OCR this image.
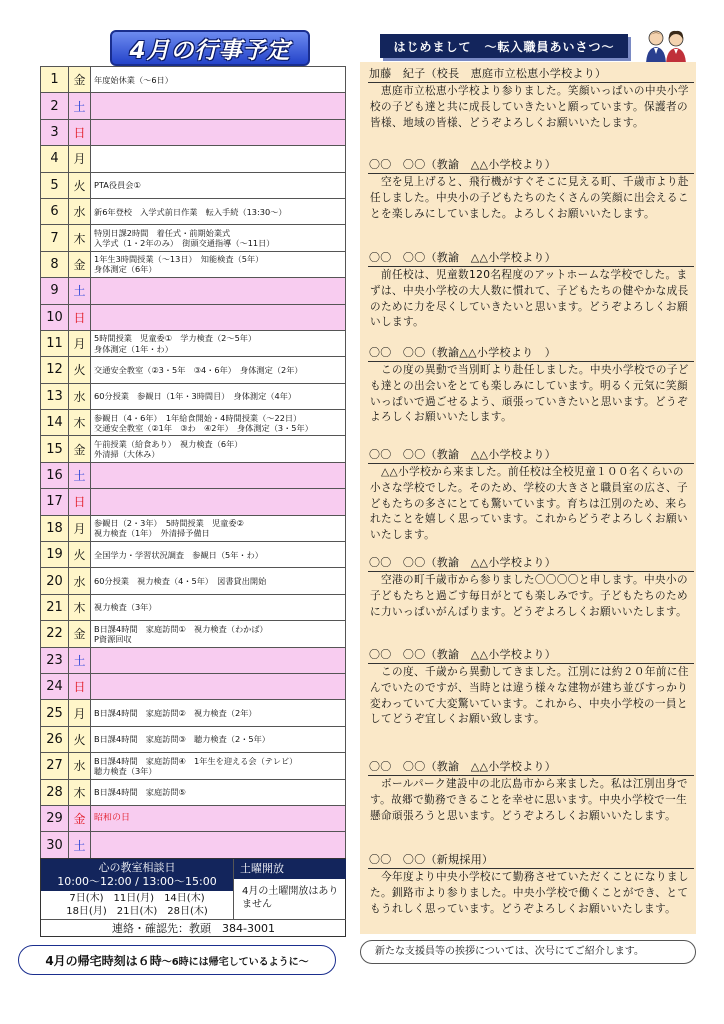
4月の行事予定
1	金	年度始休業（～6日）

2	土	
3	日	
4	月	
5	火	PTA役員会①

6	水	新6年登校　入学式前日作業　転入手続（13:30～）

7	木	特別日課2時間　着任式・前期始業式
入学式（1・2年のみ）　街頭交通指導（～11日）

8	金	1年生3時間授業（～13日）　知能検査（5年）
身体測定（6年）

9	土	
10	日	
11	月	5時間授業　児童委①　学力検査（2～5年）
身体測定（1年・わ）

12	火	交通安全教室（②3・5年　③4・6年）　身体測定（2年）

13	水	60分授業　参観日（1年・3時間目）　身体測定（4年）

14	木	参観日（4・6年）　1年給食開始・4時間授業（～22日）
交通安全教室（②1年　③わ　④2年）　身体測定（3・5年）

15	金	午前授業（給食あり）　視力検査（6年）
外清掃（大休み）

16	土	
17	日	
18	月	参観日（2・3年）　5時間授業　児童委②
視力検査（1年）　外清掃予備日

19	火	全国学力・学習状況調査　参観日（5年・わ）

20	水	60分授業　視力検査（4・5年）　図書貸出開始

21	木	視力検査（3年）

22	金	B日課4時間　家庭訪問①　視力検査（わかば）
P資源回収

23	土	
24	日	
25	月	B日課4時間　家庭訪問②　視力検査（2年）

26	火	B日課4時間　家庭訪問③　聴力検査（2・5年）

27	水	B日課4時間　家庭訪問④　1年生を迎える会（テレビ）
聴力検査（3年）

28	木	B日課4時間　家庭訪問⑤

29	金	昭和の日

30	土	
心の教室相談日
10:00～12:00 / 13:00～15:00
7日(木)　11日(月)　14日(木)
18日(月)　21日(木)　28日(木)
土曜開放
4月の土曜開放はありません
連絡・確認先：教頭　384-3001
4月の帰宅時刻は ６時 ～6時には帰宅しているように～
はじめまして　～転入職員あいさつ～
加藤　紀子（校長　恵庭市立松恵小学校より）
　恵庭市立松恵小学校より参りました。笑顔いっぱいの中央小学校の子ども達と共に成長していきたいと願っています。保護者の皆様、地域の皆様、どうぞよろしくお願いいたします。
〇〇　〇〇（教諭　△△小学校より）
　空を見上げると、飛行機がすぐそこに見える町、千歳市より赴任しました。中央小の子どもたちのたくさんの笑顔に出会えることを楽しみにしていました。よろしくお願いいたします。
〇〇　〇〇（教諭　△△小学校より）
　前任校は、児童数120名程度のアットホームな学校でした。まずは、中央小学校の大人数に慣れて、子どもたちの健やかな成長のために力を尽くしていきたいと思います。どうぞよろしくお願いします。
〇〇　〇〇（教諭△△小学校より　）
　この度の異動で当別町より赴任しました。中央小学校での子ども達との出会いをとても楽しみにしています。明るく元気に笑顔いっぱいで過ごせるよう、頑張っていきたいと思います。どうぞよろしくお願いいたします。
〇〇　〇〇（教諭　△△小学校より）
　△△小学校から来ました。前任校は全校児童１００名くらいの小さな学校でした。そのため、学校の大きさと職員室の広さ、子どもたちの多さにとても驚いています。育ちは江別のため、来られたことを嬉しく思っています。これからどうぞよろしくお願いいたします。
〇〇　〇〇（教諭　△△小学校より）
　空港の町千歳市から参りました〇〇〇〇と申します。中央小の子どもたちと過ごす毎日がとても楽しみです。子どもたちのために力いっぱいがんばります。どうぞよろしくお願いいたします。
〇〇　〇〇（教諭　△△小学校より）
　この度、千歳から異動してきました。江別には約２０年前に住んでいたのですが、当時とは違う様々な建物が建ち並びすっかり変わっていて大変驚いています。これから、中央小学校の一員としてどうぞ宜しくお願い致します。
〇〇　〇〇（教諭　△△小学校より）
　ボールパーク建設中の北広島市から来ました。私は江別出身です。故郷で勤務できることを幸せに思います。中央小学校で一生懸命頑張ろうと思います。どうぞよろしくお願いいたします。
〇〇　〇〇（新規採用）
　今年度より中央小学校にて勤務させていただくことになりました。釧路市より参りました。中央小学校で働くことができ、とてもうれしく思っています。どうぞよろしくお願いいたします。
新たな支援員等の挨拶については、次号にてご紹介します。
